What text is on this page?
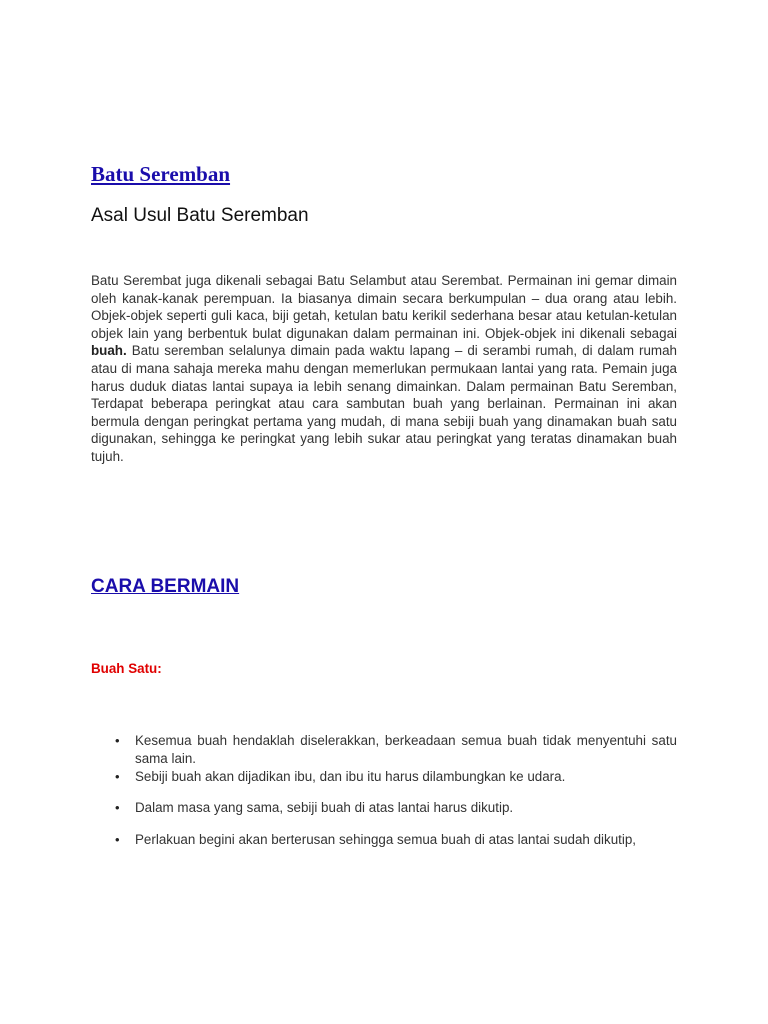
Batu Seremban
Asal Usul Batu Seremban

Batu Serembat juga dikenali sebagai Batu Selambut atau Serembat. Permainan ini gemar dimain oleh kanak-kanak perempuan. Ia biasanya dimain secara berkumpulan – dua orang atau lebih. Objek-objek seperti guli kaca, biji getah, ketulan batu kerikil sederhana besar atau ketulan-ketulan objek lain yang berbentuk bulat digunakan dalam permainan ini. Objek-objek ini dikenali sebagai buah. Batu seremban selalunya dimain pada waktu lapang – di serambi rumah, di dalam rumah atau di mana sahaja mereka mahu dengan memerlukan permukaan lantai yang rata. Pemain juga harus duduk diatas lantai supaya ia lebih senang dimainkan. Dalam permainan Batu Seremban, Terdapat beberapa peringkat atau cara sambutan buah yang berlainan. Permainan ini akan bermula dengan peringkat pertama yang mudah, di mana sebiji buah yang dinamakan buah satu digunakan, sehingga ke peringkat yang lebih sukar atau peringkat yang teratas dinamakan buah tujuh.

CARA BERMAIN
Buah Satu:
• Kesemua buah hendaklah diselerakkan, berkeadaan semua buah tidak menyentuhi satu sama lain.
• Sebiji buah akan dijadikan ibu, dan ibu itu harus dilambungkan ke udara.
• Dalam masa yang sama, sebiji buah di atas lantai harus dikutip.
• Perlakuan begini akan berterusan sehingga semua buah di atas lantai sudah dikutip,
